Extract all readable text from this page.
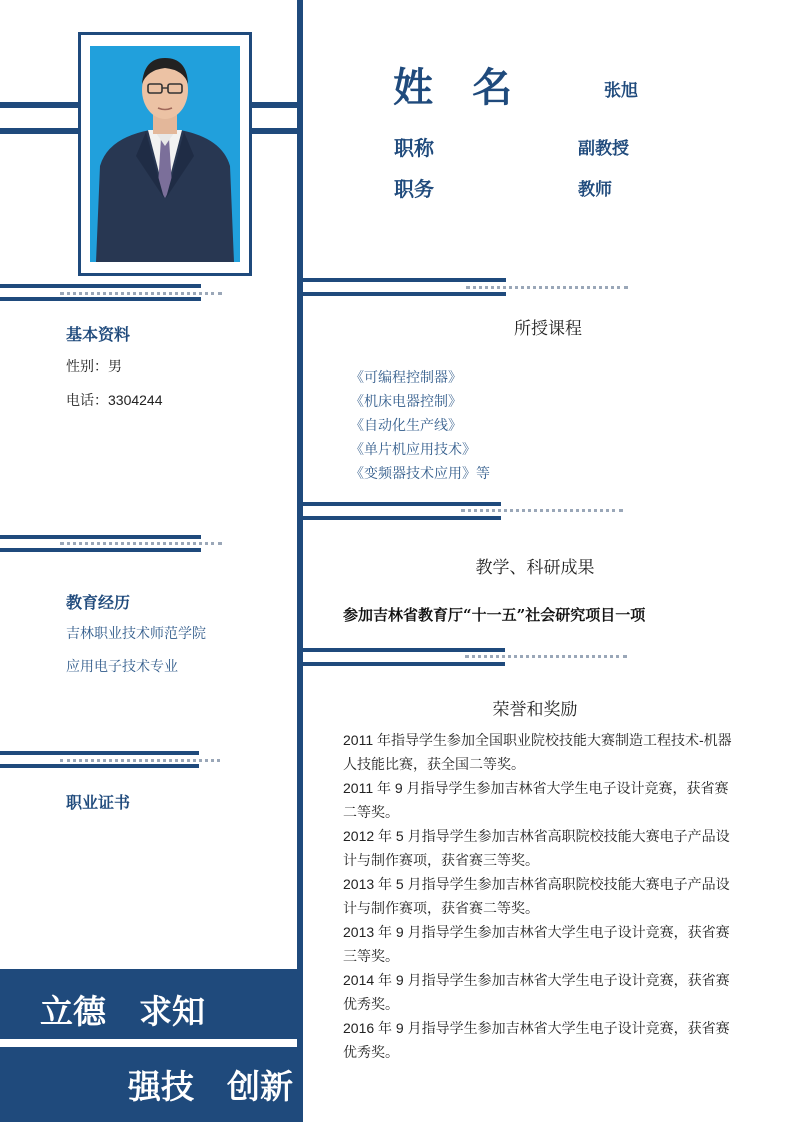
姓 名	张旭
职称	副教授
职务	教师
基本资料
性别：男
电话：3304244
教育经历
吉林职业技术师范学院
应用电子技术专业
职业证书
立德　求知
强技　创新
所授课程
《可编程控制器》
《机床电器控制》
《自动化生产线》
《单片机应用技术》
《变频器技术应用》等
教学、科研成果
参加吉林省教育厅“十一五”社会研究项目一项
荣誉和奖励
2011 年指导学生参加全国职业院校技能大赛制造工程技术-机器人技能比赛，获全国二等奖。
2011 年 9 月指导学生参加吉林省大学生电子设计竞赛，获省赛二等奖。
2012 年 5 月指导学生参加吉林省高职院校技能大赛电子产品设计与制作赛项，获省赛三等奖。
2013 年 5 月指导学生参加吉林省高职院校技能大赛电子产品设计与制作赛项，获省赛二等奖。
2013 年 9 月指导学生参加吉林省大学生电子设计竞赛，获省赛三等奖。
2014 年 9 月指导学生参加吉林省大学生电子设计竞赛，获省赛优秀奖。
2016 年 9 月指导学生参加吉林省大学生电子设计竞赛，获省赛优秀奖。
